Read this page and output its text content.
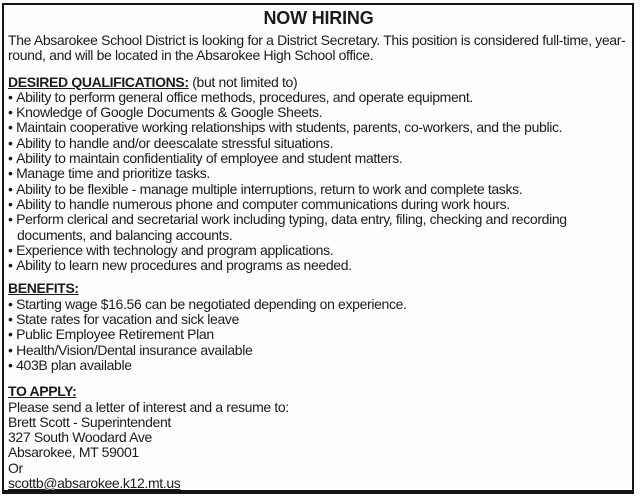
NOW HIRING
The Absarokee School District is looking for a District Secretary. This position is considered full-time, year-round, and will be located in the Absarokee High School office.
DESIRED QUALIFICATIONS: (but not limited to)
• Ability to perform general office methods, procedures, and operate equipment.
• Knowledge of Google Documents & Google Sheets.
• Maintain cooperative working relationships with students, parents, co-workers, and the public.
• Ability to handle and/or deescalate stressful situations.
• Ability to maintain confidentiality of employee and student matters.
• Manage time and prioritize tasks.
• Ability to be flexible - manage multiple interruptions, return to work and complete tasks.
• Ability to handle numerous phone and computer communications during work hours.
• Perform clerical and secretarial work including typing, data entry, filing, checking and recording documents, and balancing accounts.
• Experience with technology and program applications.
• Ability to learn new procedures and programs as needed.
BENEFITS:
• Starting wage $16.56 can be negotiated depending on experience.
• State rates for vacation and sick leave
• Public Employee Retirement Plan
• Health/Vision/Dental insurance available
• 403B plan available
TO APPLY:
Please send a letter of interest and a resume to:
Brett Scott - Superintendent
327 South Woodard Ave
Absarokee, MT 59001
Or
scottb@absarokee.k12.mt.us
